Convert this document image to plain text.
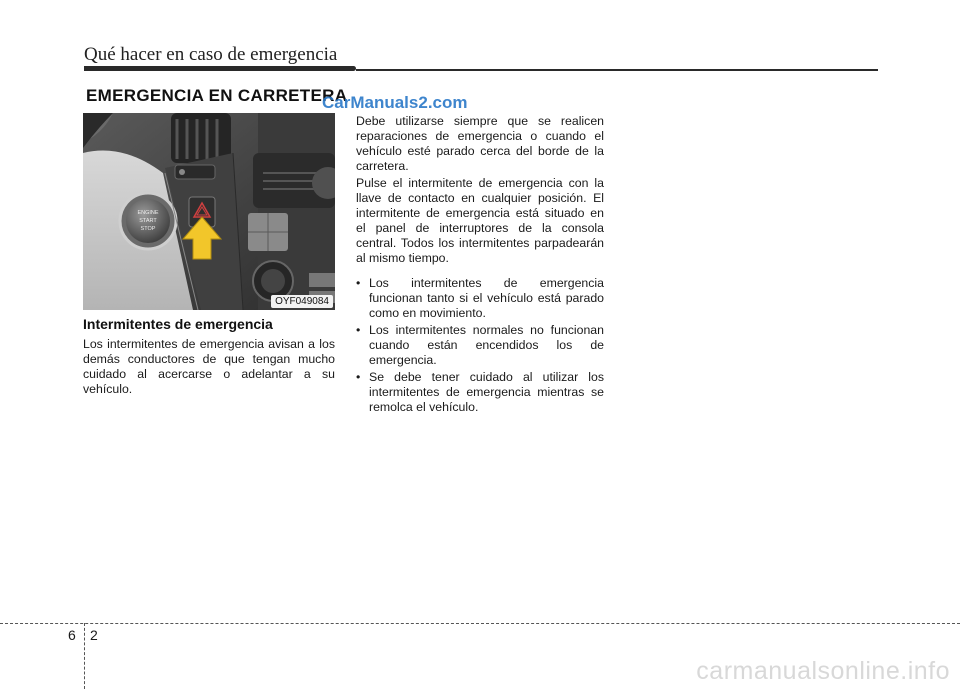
Qué hacer en caso de emergencia
EMERGENCIA EN CARRETERA
CarManuals2.com
ENGINE
START
STOP
OYF049084
Intermitentes de emergencia

Los intermitentes de emergencia avisan a los demás conductores de que tengan mucho cuidado al acercarse o adelantar a su vehículo.

Debe utilizarse siempre que se realicen reparaciones de emergencia o cuando el vehículo esté parado cerca del borde de la carretera.

Pulse el intermitente de emergencia con la llave de contacto en cualquier posición. El intermitente de emergencia está situado en el panel de interruptores de la consola central. Todos los intermitentes parpadearán al mismo tiempo.

• Los intermitentes de emergencia funcionan tanto si el vehículo está parado como en movimiento.
• Los intermitentes normales no funcionan cuando están encendidos los de emergencia.
• Se debe tener cuidado al utilizar los intermitentes de emergencia mientras se remolca el vehículo.
6 2
carmanualsonline.info
